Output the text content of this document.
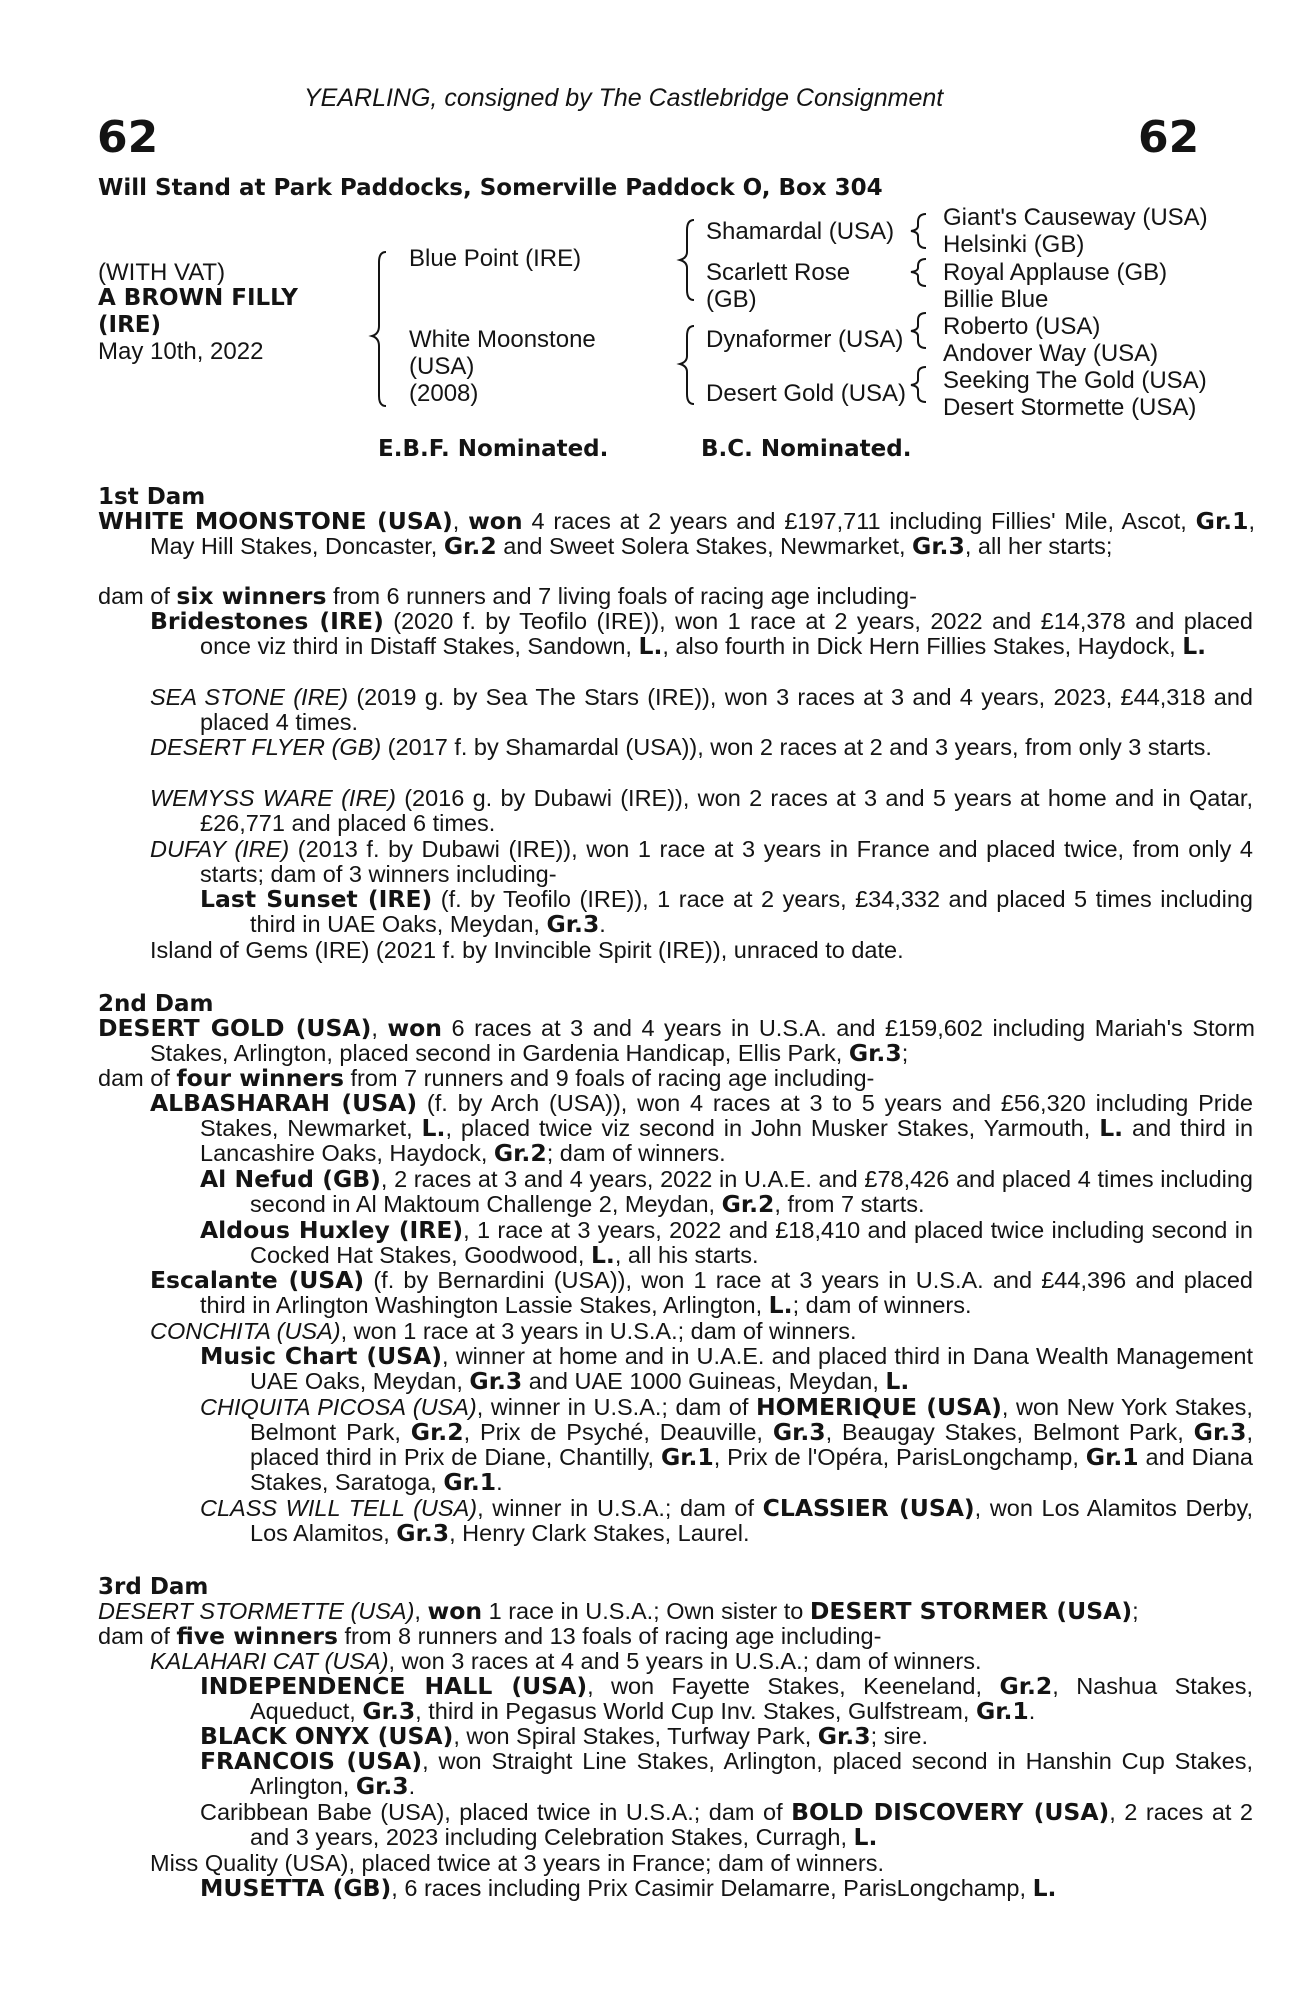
YEARLING, consigned by The Castlebridge Consignment
62	62
Will Stand at Park Paddocks, Somerville Paddock O, Box 304
(WITH VAT)
A BROWN FILLY
(IRE)
May 10th, 2022
Blue Point (IRE)
White Moonstone
(USA)
(2008)
Shamardal (USA)
Scarlett Rose
(GB)
Dynaformer (USA)
Desert Gold (USA)
Giant's Causeway (USA)
Helsinki (GB)
Royal Applause (GB)
Billie Blue
Roberto (USA)
Andover Way (USA)
Seeking The Gold (USA)
Desert Stormette (USA)
E.B.F. Nominated.	B.C. Nominated.
1st Dam
WHITE MOONSTONE (USA), won 4 races at 2 years and £197,711 including Fillies' Mile, Ascot, Gr.1, May Hill Stakes, Doncaster, Gr.2 and Sweet Solera Stakes, Newmarket, Gr.3, all her starts;
dam of six winners from 6 runners and 7 living foals of racing age including-
Bridestones (IRE) (2020 f. by Teofilo (IRE)), won 1 race at 2 years, 2022 and £14,378 and placed once viz third in Distaff Stakes, Sandown, L., also fourth in Dick Hern Fillies Stakes, Haydock, L.
SEA STONE (IRE) (2019 g. by Sea The Stars (IRE)), won 3 races at 3 and 4 years, 2023, £44,318 and placed 4 times.
DESERT FLYER (GB) (2017 f. by Shamardal (USA)), won 2 races at 2 and 3 years, from only 3 starts.
WEMYSS WARE (IRE) (2016 g. by Dubawi (IRE)), won 2 races at 3 and 5 years at home and in Qatar, £26,771 and placed 6 times.
DUFAY (IRE) (2013 f. by Dubawi (IRE)), won 1 race at 3 years in France and placed twice, from only 4 starts; dam of 3 winners including-
Last Sunset (IRE) (f. by Teofilo (IRE)), 1 race at 2 years, £34,332 and placed 5 times including third in UAE Oaks, Meydan, Gr.3.
Island of Gems (IRE) (2021 f. by Invincible Spirit (IRE)), unraced to date.
2nd Dam
DESERT GOLD (USA), won 6 races at 3 and 4 years in U.S.A. and £159,602 including Mariah's Storm Stakes, Arlington, placed second in Gardenia Handicap, Ellis Park, Gr.3;
dam of four winners from 7 runners and 9 foals of racing age including-
ALBASHARAH (USA) (f. by Arch (USA)), won 4 races at 3 to 5 years and £56,320 including Pride Stakes, Newmarket, L., placed twice viz second in John Musker Stakes, Yarmouth, L. and third in Lancashire Oaks, Haydock, Gr.2; dam of winners.
Al Nefud (GB), 2 races at 3 and 4 years, 2022 in U.A.E. and £78,426 and placed 4 times including second in Al Maktoum Challenge 2, Meydan, Gr.2, from 7 starts.
Aldous Huxley (IRE), 1 race at 3 years, 2022 and £18,410 and placed twice including second in Cocked Hat Stakes, Goodwood, L., all his starts.
Escalante (USA) (f. by Bernardini (USA)), won 1 race at 3 years in U.S.A. and £44,396 and placed third in Arlington Washington Lassie Stakes, Arlington, L.; dam of winners.
CONCHITA (USA), won 1 race at 3 years in U.S.A.; dam of winners.
Music Chart (USA), winner at home and in U.A.E. and placed third in Dana Wealth Management UAE Oaks, Meydan, Gr.3 and UAE 1000 Guineas, Meydan, L.
CHIQUITA PICOSA (USA), winner in U.S.A.; dam of HOMERIQUE (USA), won New York Stakes, Belmont Park, Gr.2, Prix de Psyché, Deauville, Gr.3, Beaugay Stakes, Belmont Park, Gr.3, placed third in Prix de Diane, Chantilly, Gr.1, Prix de l'Opéra, ParisLongchamp, Gr.1 and Diana Stakes, Saratoga, Gr.1.
CLASS WILL TELL (USA), winner in U.S.A.; dam of CLASSIER (USA), won Los Alamitos Derby, Los Alamitos, Gr.3, Henry Clark Stakes, Laurel.
3rd Dam
DESERT STORMETTE (USA), won 1 race in U.S.A.; Own sister to DESERT STORMER (USA);
dam of five winners from 8 runners and 13 foals of racing age including-
KALAHARI CAT (USA), won 3 races at 4 and 5 years in U.S.A.; dam of winners.
INDEPENDENCE HALL (USA), won Fayette Stakes, Keeneland, Gr.2, Nashua Stakes, Aqueduct, Gr.3, third in Pegasus World Cup Inv. Stakes, Gulfstream, Gr.1.
BLACK ONYX (USA), won Spiral Stakes, Turfway Park, Gr.3; sire.
FRANCOIS (USA), won Straight Line Stakes, Arlington, placed second in Hanshin Cup Stakes, Arlington, Gr.3.
Caribbean Babe (USA), placed twice in U.S.A.; dam of BOLD DISCOVERY (USA), 2 races at 2 and 3 years, 2023 including Celebration Stakes, Curragh, L.
Miss Quality (USA), placed twice at 3 years in France; dam of winners.
MUSETTA (GB), 6 races including Prix Casimir Delamarre, ParisLongchamp, L.
